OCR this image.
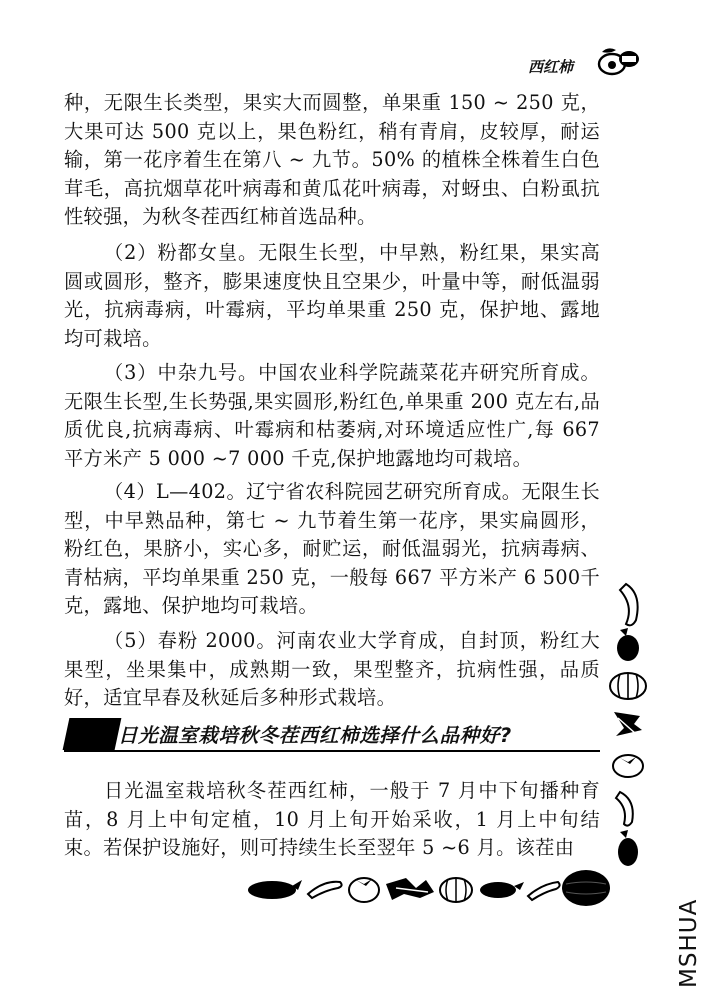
西红柿

种，无限生长类型，果实大而圆整，单果重 150 ~ 250 克，大果可达 500 克以上，果色粉红，稍有青肩，皮较厚，耐运输，第一花序着生在第八 ~ 九节。50% 的植株全株着生白色茸毛，高抗烟草花叶病毒和黄瓜花叶病毒，对蚜虫、白粉虱抗性较强，为秋冬茬西红柿首选品种。

（2）粉都女皇。无限生长型，中早熟，粉红果，果实高圆或圆形，整齐，膨果速度快且空果少，叶量中等，耐低温弱光，抗病毒病，叶霉病，平均单果重 250 克，保护地、露地均可栽培。

（3）中杂九号。中国农业科学院蔬菜花卉研究所育成。无限生长型,生长势强,果实圆形,粉红色,单果重 200 克左右,品质优良,抗病毒病、叶霉病和枯萎病,对环境适应性广,每 667 平方米产 5 000 ~7 000 千克,保护地露地均可栽培。

（4）L—402。辽宁省农科院园艺研究所育成。无限生长型，中早熟品种，第七 ~ 九节着生第一花序，果实扁圆形，粉红色，果脐小，实心多，耐贮运，耐低温弱光，抗病毒病、青枯病，平均单果重 250 克，一般每 667 平方米产 6 500千克，露地、保护地均可栽培。

（5）春粉 2000。河南农业大学育成，自封顶，粉红大果型，坐果集中，成熟期一致，果型整齐，抗病性强，品质好，适宜早春及秋延后多种形式栽培。

日光温室栽培秋冬茬西红柿选择什么品种好?

日光温室栽培秋冬茬西红柿，一般于 7 月中下旬播种育苗，8 月上中旬定植，10 月上旬开始采收，1 月上中旬结束。若保护设施好，则可持续生长至翌年 5 ~6 月。该茬由

MSHUA
